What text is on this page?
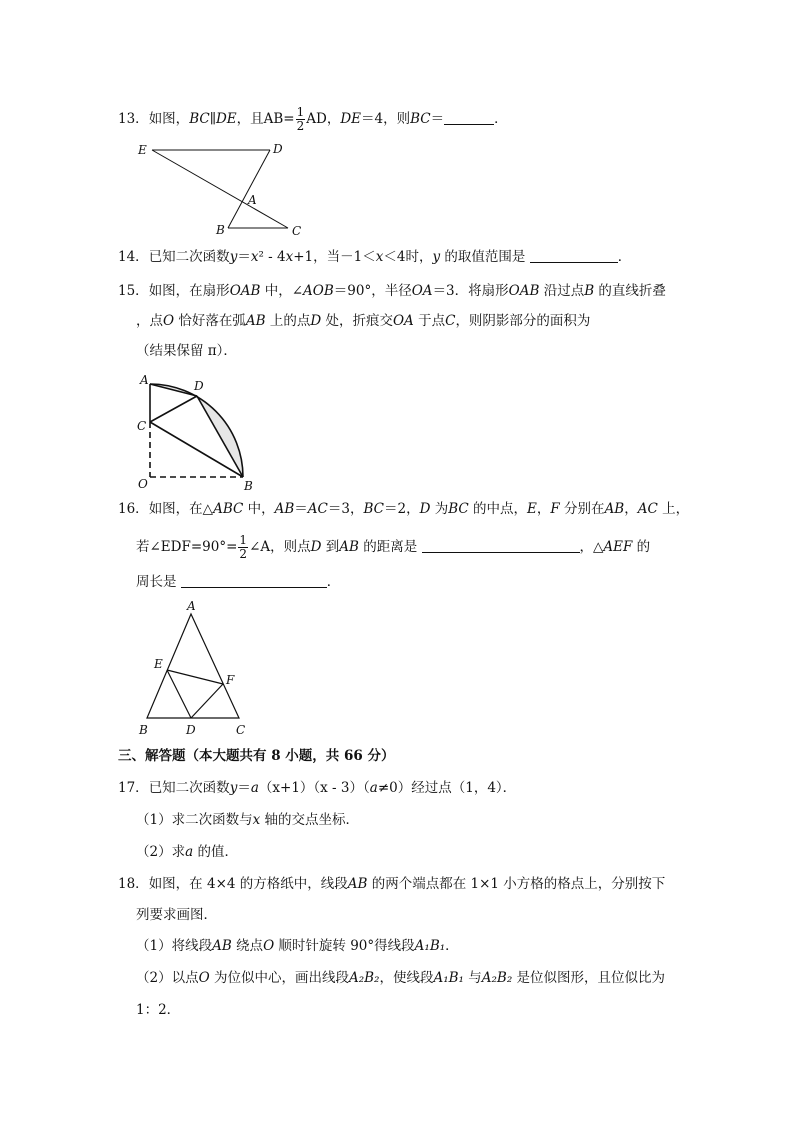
13．如图，BC∥DE，且$AB= \frac{1}{2}$ AD，DE＝4，则BC＝	．
E	D
A
B	C
14．已知二次函数y＝x² - 4x+1，当－1＜x＜4时，y 的取值范围是	．
15．如图，在扇形OAB 中，∠AOB＝90°，半径OA＝3．将扇形OAB 沿过点B 的直线折叠
，点O 恰好落在弧AB 上的点D 处，折痕交OA 于点C，则阴影部分的面积为
（结果保留 π）．
A	D
C
O	B
16．如图，在△ABC 中，AB＝AC＝3，BC＝2，D 为BC 的中点，E，F 分别在AB，AC 上，
若∠EDF=90°= $\frac{1}{2}$ ∠A，则点D 到AB 的距离是	，△AEF 的
周长是	．
A
E
F
B	D	C
三、解答题（本大题共有 8 小题，共 66 分）
17．已知二次函数y＝a（x+1）（x - 3）（a≠0）经过点（1，4）．
（1）求二次函数与x 轴的交点坐标．
（2）求a 的值．
18．如图，在 4×4 的方格纸中，线段AB 的两个端点都在 1×1 小方格的格点上，分别按下
列要求画图．
（1）将线段AB 绕点O 顺时针旋转 90°得线段A₁B₁．
（2）以点O 为位似中心，画出线段A₂B₂，使线段A₁B₁ 与A₂B₂ 是位似图形，且位似比为
1：2．
